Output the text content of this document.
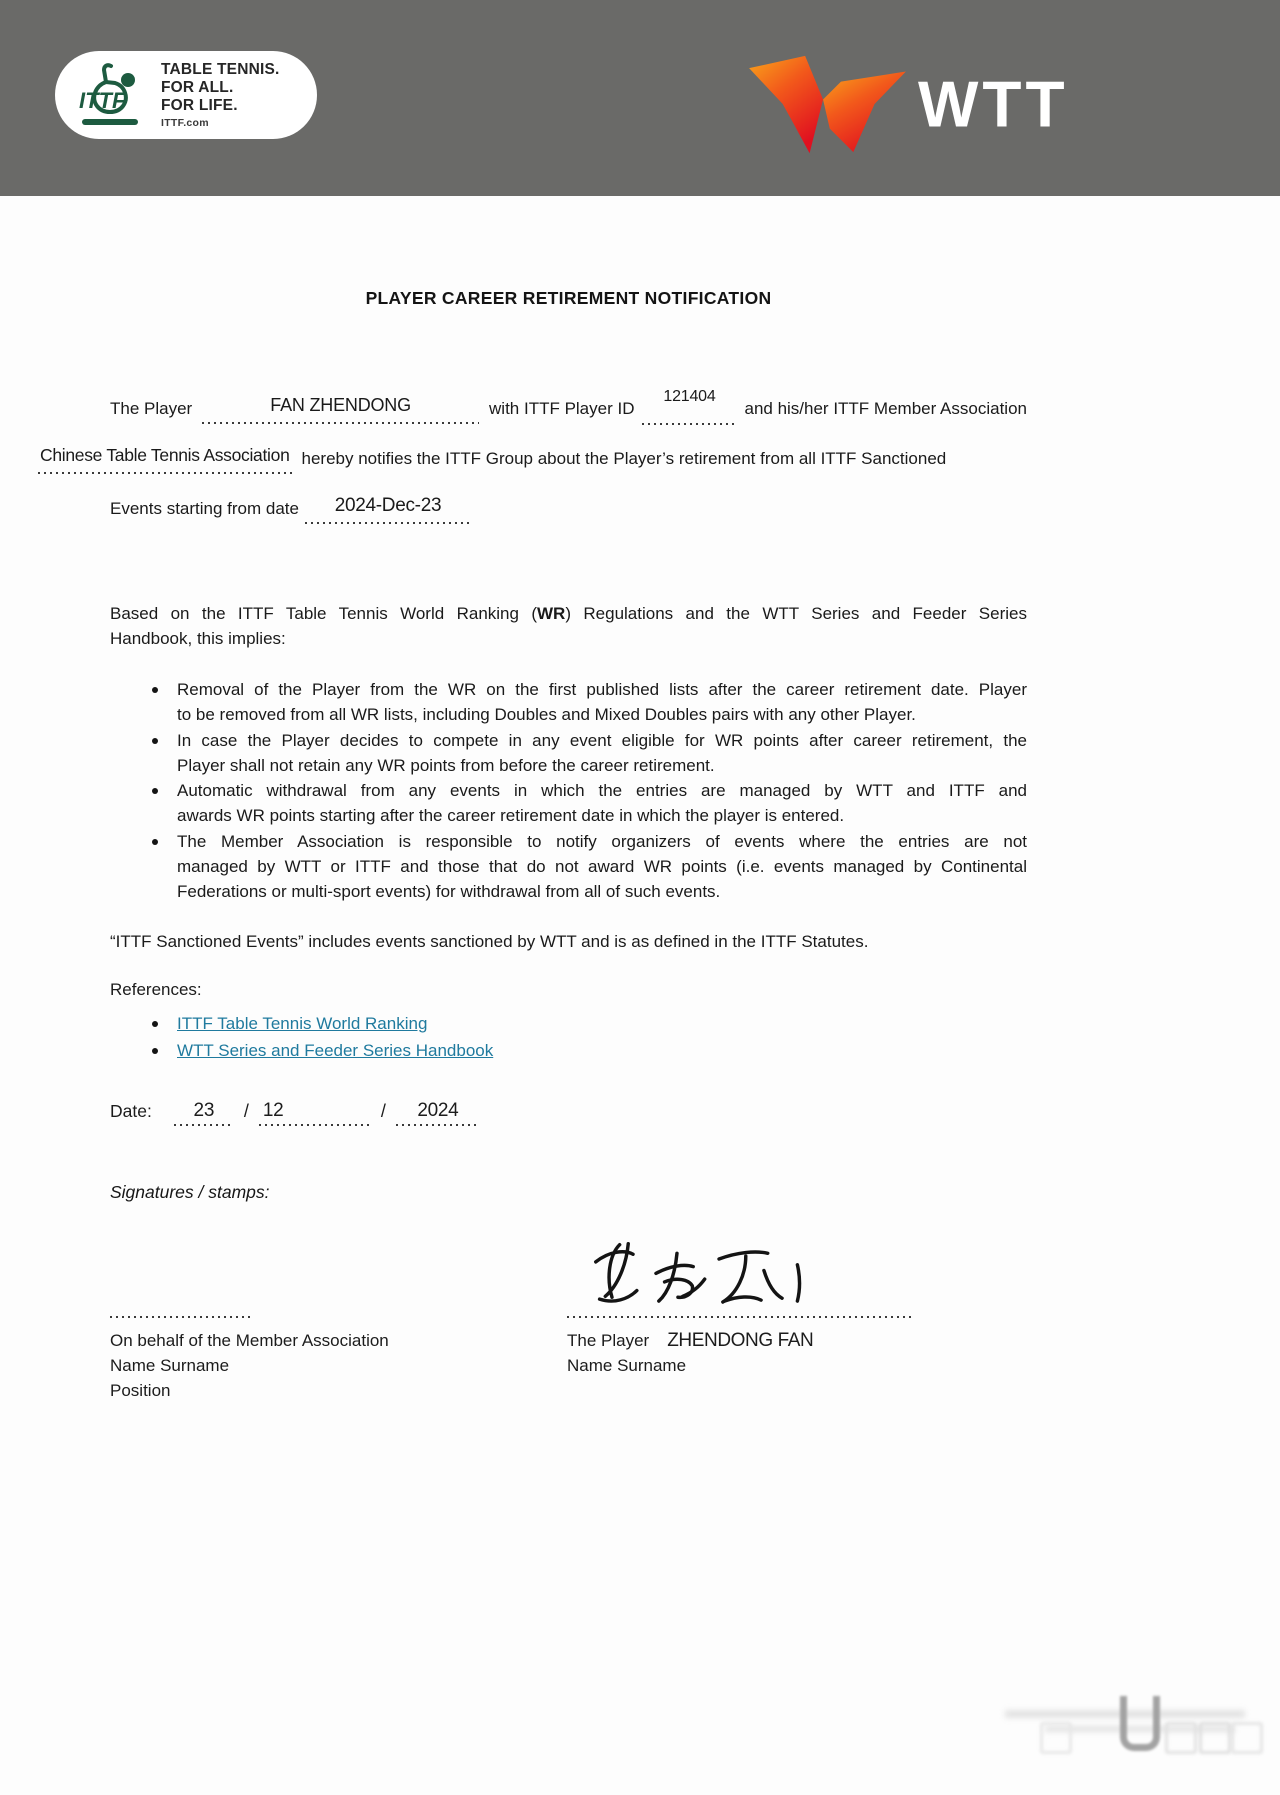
ITTF
TABLE TENNIS.
FOR ALL.
FOR LIFE.
ITTF.com	WTT
PLAYER CAREER RETIREMENT NOTIFICATION
The Player	FAN ZHENDONG	with ITTF Player ID
121404
and his/her ITTF Member Association
Chinese Table Tennis Association hereby notifies the ITTF Group about the Player’s retirement from all ITTF Sanctioned
Events starting from date	2024-Dec-23
Based on the ITTF Table Tennis World Ranking (WR) Regulations and the WTT Series and Feeder Series
Handbook, this implies:
Removal of the Player from the WR on the first published lists after the career retirement date. Player
to be removed from all WR lists, including Doubles and Mixed Doubles pairs with any other Player.
In case the Player decides to compete in any event eligible for WR points after career retirement, the
Player shall not retain any WR points from before the career retirement.
Automatic withdrawal from any events in which the entries are managed by WTT and ITTF and
awards WR points starting after the career retirement date in which the player is entered.
The Member Association is responsible to notify organizers of events where the entries are not
managed by WTT or ITTF and those that do not award WR points (i.e. events managed by Continental
Federations or multi-sport events) for withdrawal from all of such events.
“ITTF Sanctioned Events” includes events sanctioned by WTT and is as defined in the ITTF Statutes.
References:
ITTF Table Tennis World Ranking
WTT Series and Feeder Series Handbook
Date:	23	/ 12	/	2024
Signatures / stamps:
On behalf of the Member Association
Name Surname
Position
The Player ZHENDONG FAN
Name Surname
